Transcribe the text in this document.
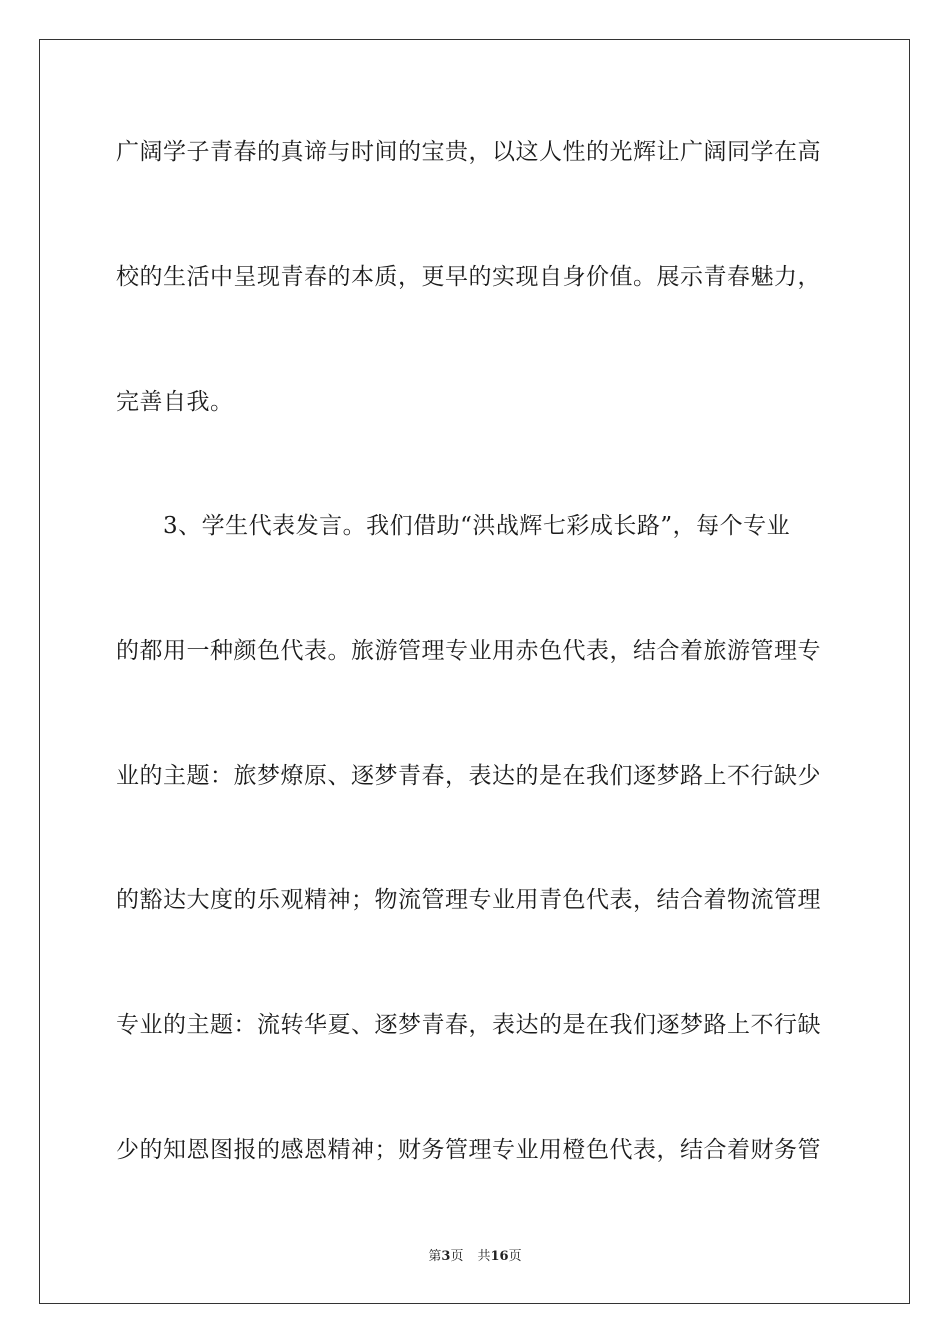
广阔学子青春的真谛与时间的宝贵，以这人性的光辉让广阔同学在高
校的生活中呈现青春的本质，更早的实现自身价值。展示青春魅力，
完善自我。
　　3、学生代表发言。我们借助“洪战辉七彩成长路”，每个专业
的都用一种颜色代表。旅游管理专业用赤色代表，结合着旅游管理专
业的主题：旅梦燎原、逐梦青春，表达的是在我们逐梦路上不行缺少
的豁达大度的乐观精神；物流管理专业用青色代表，结合着物流管理
专业的主题：流转华夏、逐梦青春，表达的是在我们逐梦路上不行缺
少的知恩图报的感恩精神；财务管理专业用橙色代表，结合着财务管
第3页 共16页
